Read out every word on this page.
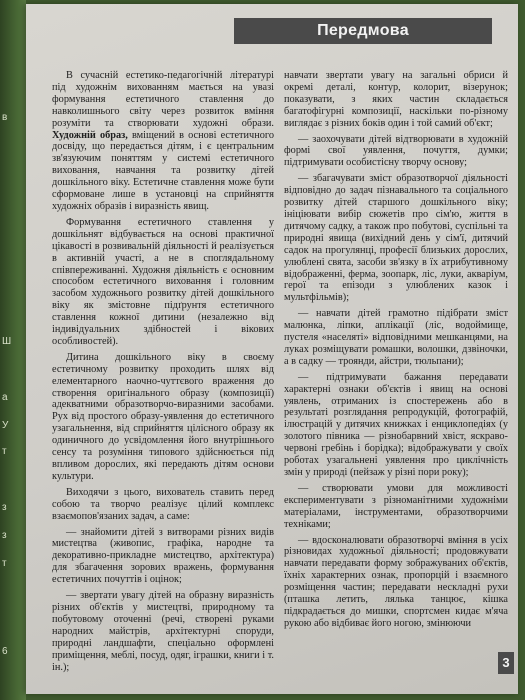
в
Ш
а
У
т
з
з
т
6
Передмова

В сучасній естетико-педагогічній літературі під художнім вихованням мається на увазі формування естетичного ставлення до навколишнього світу через розвиток вміння розуміти та створювати художні образи. Художній образ, вміщений в основі естетичного досвіду, що передається дітям, і є центральним зв'язуючим поняттям у системі естетичного виховання, навчання та розвитку дітей дошкільного віку. Естетичне ставлення може бути сформоване лише в установці на сприйняття художніх образів і виразність явищ.

Формування естетичного ставлення у дошкільнят відбувається на основі практичної цікавості в розвивальній діяльності й реалізується в активній участі, а не в споглядальному співпереживанні. Художня діяльність є основним способом естетичного виховання і головним засобом художнього розвитку дітей дошкільного віку як змістовне підґрунтя естетичного ставлення кожної дитини (незалежно від індивідуальних здібностей і вікових особливостей).

Дитина дошкільного віку в своєму естетичному розвитку проходить шлях від елементарного наочно-чуттєвого враження до створення оригінального образу (композиції) адекватними образотворчо-виразними засобами. Рух від простого образу-уявлення до естетичного узагальнення, від сприйняття цілісного образу як одиничного до усвідомлення його внутрішнього сенсу та розуміння типового здійснюється під впливом дорослих, які передають дітям основи культури.

Виходячи з цього, вихователь ставить перед собою та творчо реалізує цілий комплекс взаємопов'язаних задач, а саме:

— знайомити дітей з витворами різних видів мистецтва (живопис, графіка, народне та декоративно-прикладне мистецтво, архітектура) для збагачення зорових вражень, формування естетичних почуттів і оцінок;

— звертати увагу дітей на образну виразність різних об'єктів у мистецтві, природному та побутовому оточенні (речі, створені руками народних майстрів, архітектурні споруди, природні ландшафти, спеціально оформлені приміщення, меблі, посуд, одяг, іграшки, книги і т. ін.);

навчати звертати увагу на загальні обриси й окремі деталі, контур, колорит, візерунок; показувати, з яких частин складається багатофігурні композиції, наскільки по-різному виглядає з різних боків один і той самий об'єкт;

— заохочувати дітей відтворювати в художній формі свої уявлення, почуття, думки; підтримувати особистісну творчу основу;

— збагачувати зміст образотворчої діяльності відповідно до задач пізнавального та соціального розвитку дітей старшого дошкільного віку; ініціювати вибір сюжетів про сім'ю, життя в дитячому садку, а також про побутові, суспільні та природні явища (вихідний день у сім'ї, дитячий садок на прогулянці, професії близьких дорослих, улюблені свята, засоби зв'язку в їх атрибутивному відображенні, ферма, зоопарк, ліс, луки, акваріум, герої та епізоди з улюблених казок і мультфільмів);

— навчати дітей грамотно підібрати зміст малюнка, ліпки, аплікації (ліс, водоймище, пустеля «населяті» відповідними мешканцями, на луках розміщувати ромашки, волошки, дзвіночки, а в садку — троянди, айстри, тюльпани);

— підтримувати бажання передавати характерні ознаки об'єктів і явищ на основі уявлень, отриманих із спостережень або в результаті розглядання репродукцій, фотографій, ілюстрацій у дитячих книжках і енциклопедіях (у золотого півника — різнобарвний хвіст, яскраво-червоні гребінь і борідка); відображувати у своїх роботах узагальнені уявлення про циклічність змін у природі (пейзаж у різні пори року);

— створювати умови для можливості експериментувати з різноманітними художніми матеріалами, інструментами, образотворчими техніками;

— вдосконалювати образотворчі вміння в усіх різновидах художньої діяльності; продовжувати навчати передавати форму зображуваних об'єктів, їхніх характерних ознак, пропорцій і взаємного розміщення частин; передавати нескладні рухи (пташка летить, лялька танцює, кішка підкрадається до мишки, спортсмен кидає м'яча рукою або відбиває його ногою, змінюючи

3
